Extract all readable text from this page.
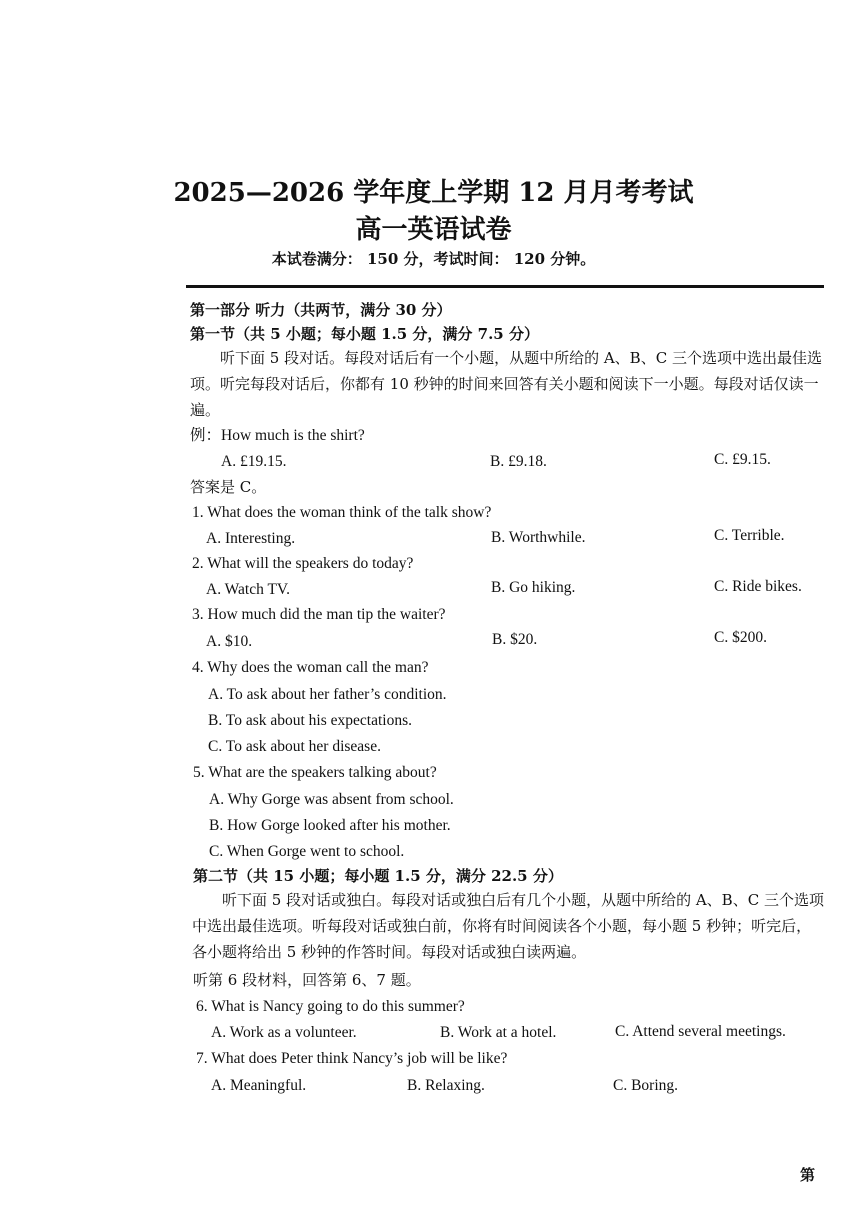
2025—2026 学年度上学期 12 月月考考试
高一英语试卷
本试卷满分： 150 分，考试时间： 120 分钟。
第一部分 听力（共两节，满分 30 分）
第一节（共 5 小题；每小题 1.5 分，满分 7.5 分）
听下面 5 段对话。每段对话后有一个小题，从题中所给的 A、B、C 三个选项中选出最佳选项。听完每段对话后，你都有 10 秒钟的时间来回答有关小题和阅读下一小题。每段对话仅读一遍。
例：How much is the shirt?
A. £19.15.	B. £9.18.	C. £9.15.
答案是 C。
1. What does the woman think of the talk show?
A. Interesting.	B. Worthwhile.	C. Terrible.
2. What will the speakers do today?
A. Watch TV.	B. Go hiking.	C. Ride bikes.
3. How much did the man tip the waiter?
A. $10.	B. $20.	C. $200.
4. Why does the woman call the man?
A. To ask about her father’s condition.
B. To ask about his expectations.
C. To ask about her disease.
5. What are the speakers talking about?
A. Why Gorge was absent from school.
B. How Gorge looked after his mother.
C. When Gorge went to school.
第二节（共 15 小题；每小题 1.5 分，满分 22.5 分）
听下面 5 段对话或独白。每段对话或独白后有几个小题，从题中所给的 A、B、C 三个选项中选出最佳选项。听每段对话或独白前，你将有时间阅读各个小题，每小题 5 秒钟；听完后，各小题将给出 5 秒钟的作答时间。每段对话或独白读两遍。
听第 6 段材料，回答第 6、7 题。
6. What is Nancy going to do this summer?
A. Work as a volunteer.	B. Work at a hotel.	C. Attend several meetings.
7. What does Peter think Nancy’s job will be like?
A. Meaningful.	B. Relaxing.	C. Boring.
第
